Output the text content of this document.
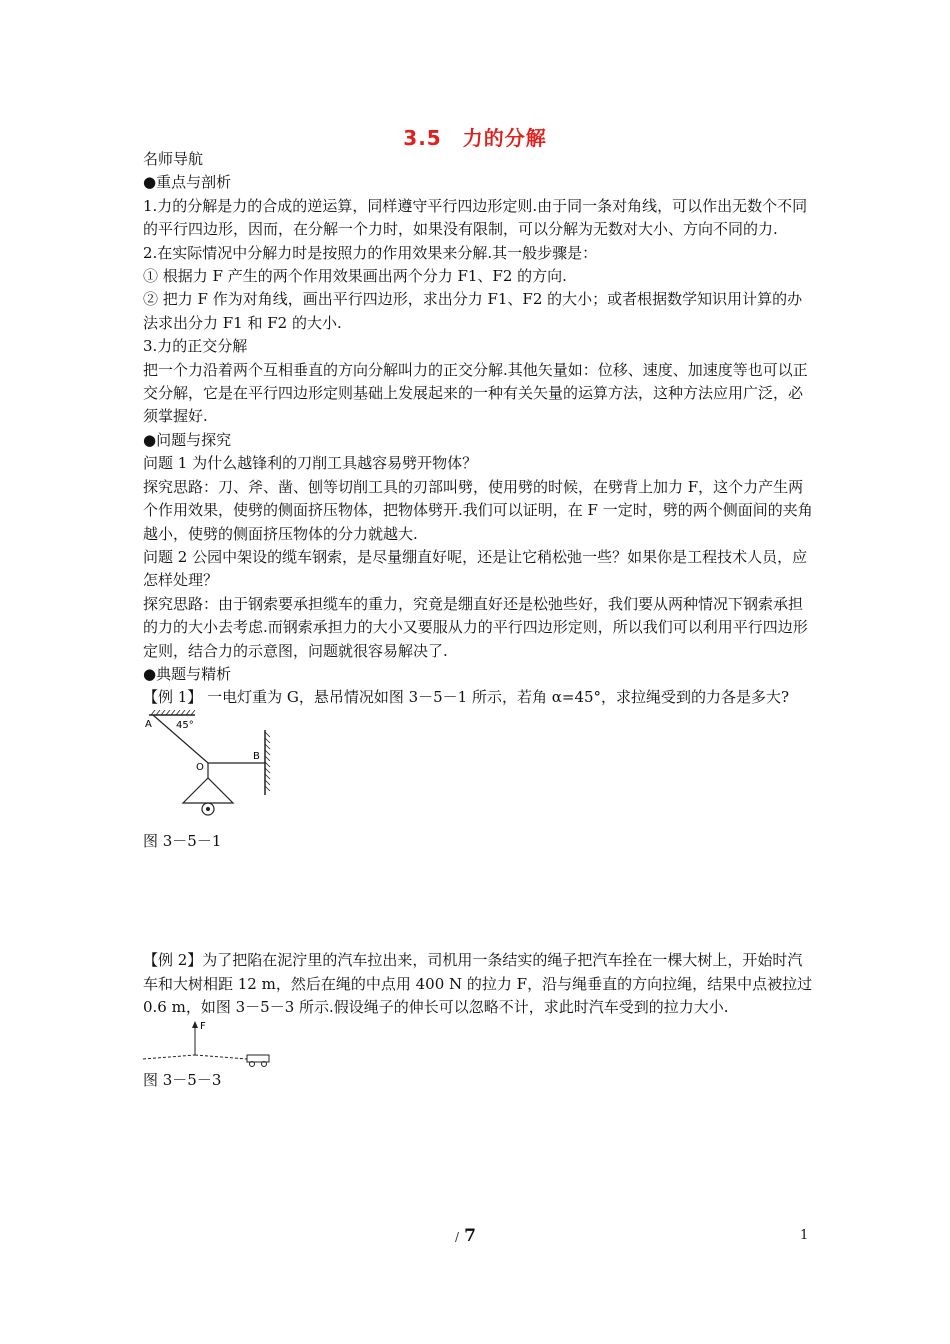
3.5　力的分解

名师导航

●重点与剖析

1.力的分解是力的合成的逆运算，同样遵守平行四边形定则.由于同一条对角线，可以作出无数个不同的平行四边形，因而，在分解一个力时，如果没有限制，可以分解为无数对大小、方向不同的力.

2.在实际情况中分解力时是按照力的作用效果来分解.其一般步骤是：

① 根据力 F 产生的两个作用效果画出两个分力 F1、F2 的方向.

② 把力 F 作为对角线，画出平行四边形，求出分力 F1、F2 的大小；或者根据数学知识用计算的办法求出分力 F1 和 F2 的大小.

3.力的正交分解

把一个力沿着两个互相垂直的方向分解叫力的正交分解.其他矢量如：位移、速度、加速度等也可以正交分解，它是在平行四边形定则基础上发展起来的一种有关矢量的运算方法，这种方法应用广泛，必须掌握好.

●问题与探究

问题 1 为什么越锋利的刀削工具越容易劈开物体？

探究思路：刀、斧、凿、刨等切削工具的刃部叫劈，使用劈的时候，在劈背上加力 F，这个力产生两个作用效果，使劈的侧面挤压物体，把物体劈开.我们可以证明，在 F 一定时，劈的两个侧面间的夹角越小，使劈的侧面挤压物体的分力就越大.

问题 2 公园中架设的缆车钢索，是尽量绷直好呢，还是让它稍松弛一些？如果你是工程技术人员，应怎样处理？

探究思路：由于钢索要承担缆车的重力，究竟是绷直好还是松弛些好，我们要从两种情况下钢索承担的力的大小去考虑.而钢索承担力的大小又要服从力的平行四边形定则，所以我们可以利用平行四边形定则，结合力的示意图，问题就很容易解决了.

●典题与精析

【例 1】 一电灯重为 G，悬吊情况如图 3－5－1 所示，若角 α=45°，求拉绳受到的力各是多大?

A 45°
O
B

图 3－5－1

【例 2】为了把陷在泥泞里的汽车拉出来，司机用一条结实的绳子把汽车拴在一棵大树上，开始时汽车和大树相距 12 m，然后在绳的中点用 400 N 的拉力 F，沿与绳垂直的方向拉绳，结果中点被拉过 0.6 m，如图 3－5－3 所示.假设绳子的伸长可以忽略不计，求此时汽车受到的拉力大小.

F

图 3－5－3

/ 7	1
